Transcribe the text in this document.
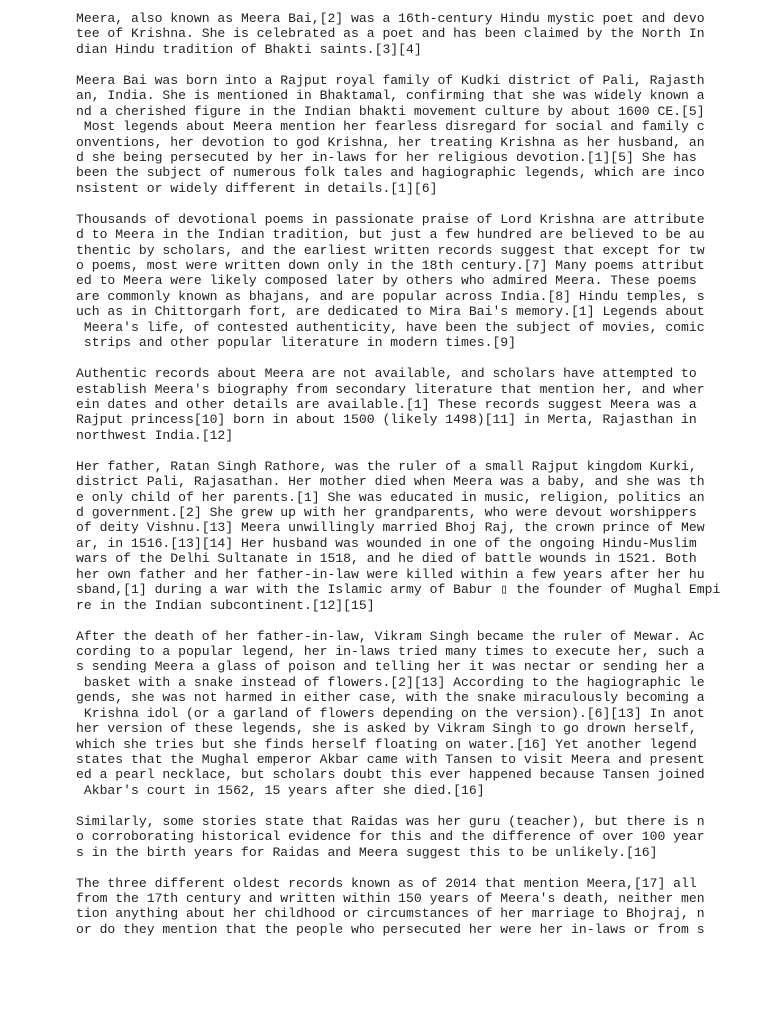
Meera, also known as Meera Bai,[2] was a 16th-century Hindu mystic poet and devo
tee of Krishna. She is celebrated as a poet and has been claimed by the North In
dian Hindu tradition of Bhakti saints.[3][4]
Meera Bai was born into a Rajput royal family of Kudki district of Pali, Rajasth
an, India. She is mentioned in Bhaktamal, confirming that she was widely known a
nd a cherished figure in the Indian bhakti movement culture by about 1600 CE.[5]
Most legends about Meera mention her fearless disregard for social and family c
onventions, her devotion to god Krishna, her treating Krishna as her husband, an
d she being persecuted by her in-laws for her religious devotion.[1][5] She has
been the subject of numerous folk tales and hagiographic legends, which are inco
nsistent or widely different in details.[1][6]
Thousands of devotional poems in passionate praise of Lord Krishna are attribute
d to Meera in the Indian tradition, but just a few hundred are believed to be au
thentic by scholars, and the earliest written records suggest that except for tw
o poems, most were written down only in the 18th century.[7] Many poems attribut
ed to Meera were likely composed later by others who admired Meera. These poems
are commonly known as bhajans, and are popular across India.[8] Hindu temples, s
uch as in Chittorgarh fort, are dedicated to Mira Bai's memory.[1] Legends about
Meera's life, of contested authenticity, have been the subject of movies, comic
strips and other popular literature in modern times.[9]
Authentic records about Meera are not available, and scholars have attempted to
establish Meera's biography from secondary literature that mention her, and wher
ein dates and other details are available.[1] These records suggest Meera was a
Rajput princess[10] born in about 1500 (likely 1498)[11] in Merta, Rajasthan in
northwest India.[12]
Her father, Ratan Singh Rathore, was the ruler of a small Rajput kingdom Kurki,
district Pali, Rajasathan. Her mother died when Meera was a baby, and she was th
e only child of her parents.[1] She was educated in music, religion, politics an
d government.[2] She grew up with her grandparents, who were devout worshippers
of deity Vishnu.[13] Meera unwillingly married Bhoj Raj, the crown prince of Mew
ar, in 1516.[13][14] Her husband was wounded in one of the ongoing Hindu-Muslim
wars of the Delhi Sultanate in 1518, and he died of battle wounds in 1521. Both
her own father and her father-in-law were killed within a few years after her hu
sband,[1] during a war with the Islamic army of Babur ▯ the founder of Mughal Empi
re in the Indian subcontinent.[12][15]
After the death of her father-in-law, Vikram Singh became the ruler of Mewar. Ac
cording to a popular legend, her in-laws tried many times to execute her, such a
s sending Meera a glass of poison and telling her it was nectar or sending her a
basket with a snake instead of flowers.[2][13] According to the hagiographic le
gends, she was not harmed in either case, with the snake miraculously becoming a
Krishna idol (or a garland of flowers depending on the version).[6][13] In anot
her version of these legends, she is asked by Vikram Singh to go drown herself,
which she tries but she finds herself floating on water.[16] Yet another legend
states that the Mughal emperor Akbar came with Tansen to visit Meera and present
ed a pearl necklace, but scholars doubt this ever happened because Tansen joined
Akbar's court in 1562, 15 years after she died.[16]
Similarly, some stories state that Raidas was her guru (teacher), but there is n
o corroborating historical evidence for this and the difference of over 100 year
s in the birth years for Raidas and Meera suggest this to be unlikely.[16]
The three different oldest records known as of 2014 that mention Meera,[17] all
from the 17th century and written within 150 years of Meera's death, neither men
tion anything about her childhood or circumstances of her marriage to Bhojraj, n
or do they mention that the people who persecuted her were her in-laws or from s
